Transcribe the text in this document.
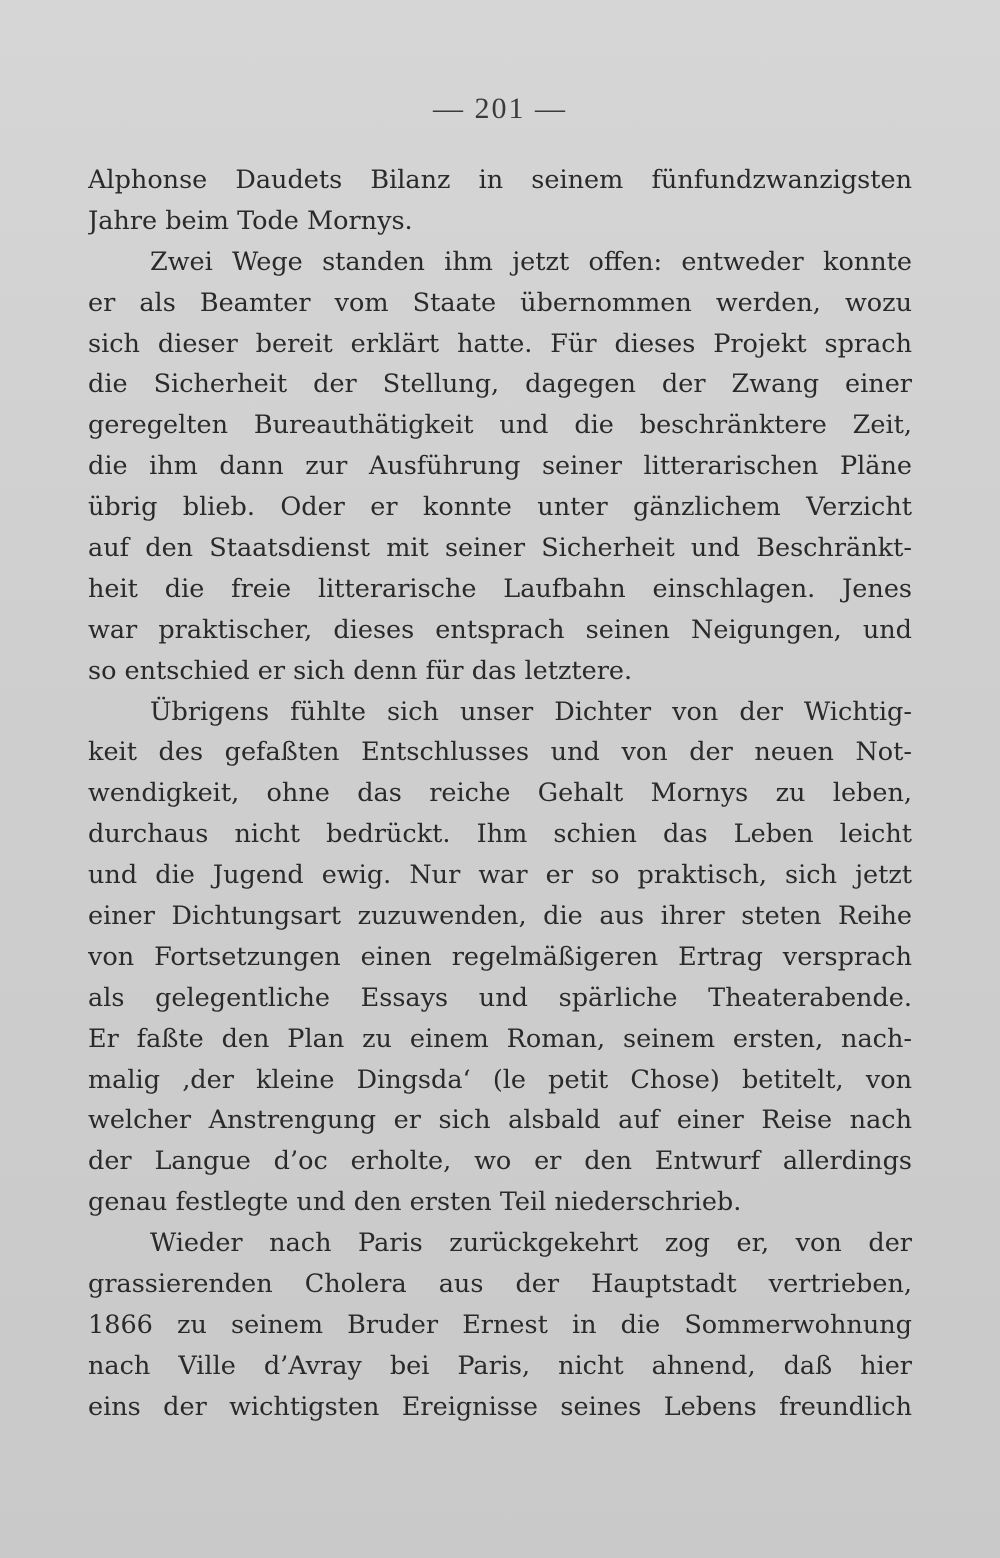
— 201 —
Alphonse Daudets Bilanz in seinem fünfundzwanzigsten
Jahre beim Tode Mornys.
Zwei Wege standen ihm jetzt offen: entweder konnte
er als Beamter vom Staate übernommen werden, wozu
sich dieser bereit erklärt hatte. Für dieses Projekt sprach
die Sicherheit der Stellung, dagegen der Zwang einer
geregelten Bureauthätigkeit und die beschränktere Zeit,
die ihm dann zur Ausführung seiner litterarischen Pläne
übrig blieb. Oder er konnte unter gänzlichem Verzicht
auf den Staatsdienst mit seiner Sicherheit und Beschränkt-
heit die freie litterarische Laufbahn einschlagen. Jenes
war praktischer, dieses entsprach seinen Neigungen, und
so entschied er sich denn für das letztere.
Übrigens fühlte sich unser Dichter von der Wichtig-
keit des gefaßten Entschlusses und von der neuen Not-
wendigkeit, ohne das reiche Gehalt Mornys zu leben,
durchaus nicht bedrückt. Ihm schien das Leben leicht
und die Jugend ewig. Nur war er so praktisch, sich jetzt
einer Dichtungsart zuzuwenden, die aus ihrer steten Reihe
von Fortsetzungen einen regelmäßigeren Ertrag versprach
als gelegentliche Essays und spärliche Theaterabende.
Er faßte den Plan zu einem Roman, seinem ersten, nach-
malig ‚der kleine Dingsda‘ (le petit Chose) betitelt, von
welcher Anstrengung er sich alsbald auf einer Reise nach
der Langue d’oc erholte, wo er den Entwurf allerdings
genau festlegte und den ersten Teil niederschrieb.
Wieder nach Paris zurückgekehrt zog er, von der
grassierenden Cholera aus der Hauptstadt vertrieben,
1866 zu seinem Bruder Ernest in die Sommerwohnung
nach Ville d’Avray bei Paris, nicht ahnend, daß hier
eins der wichtigsten Ereignisse seines Lebens freundlich
